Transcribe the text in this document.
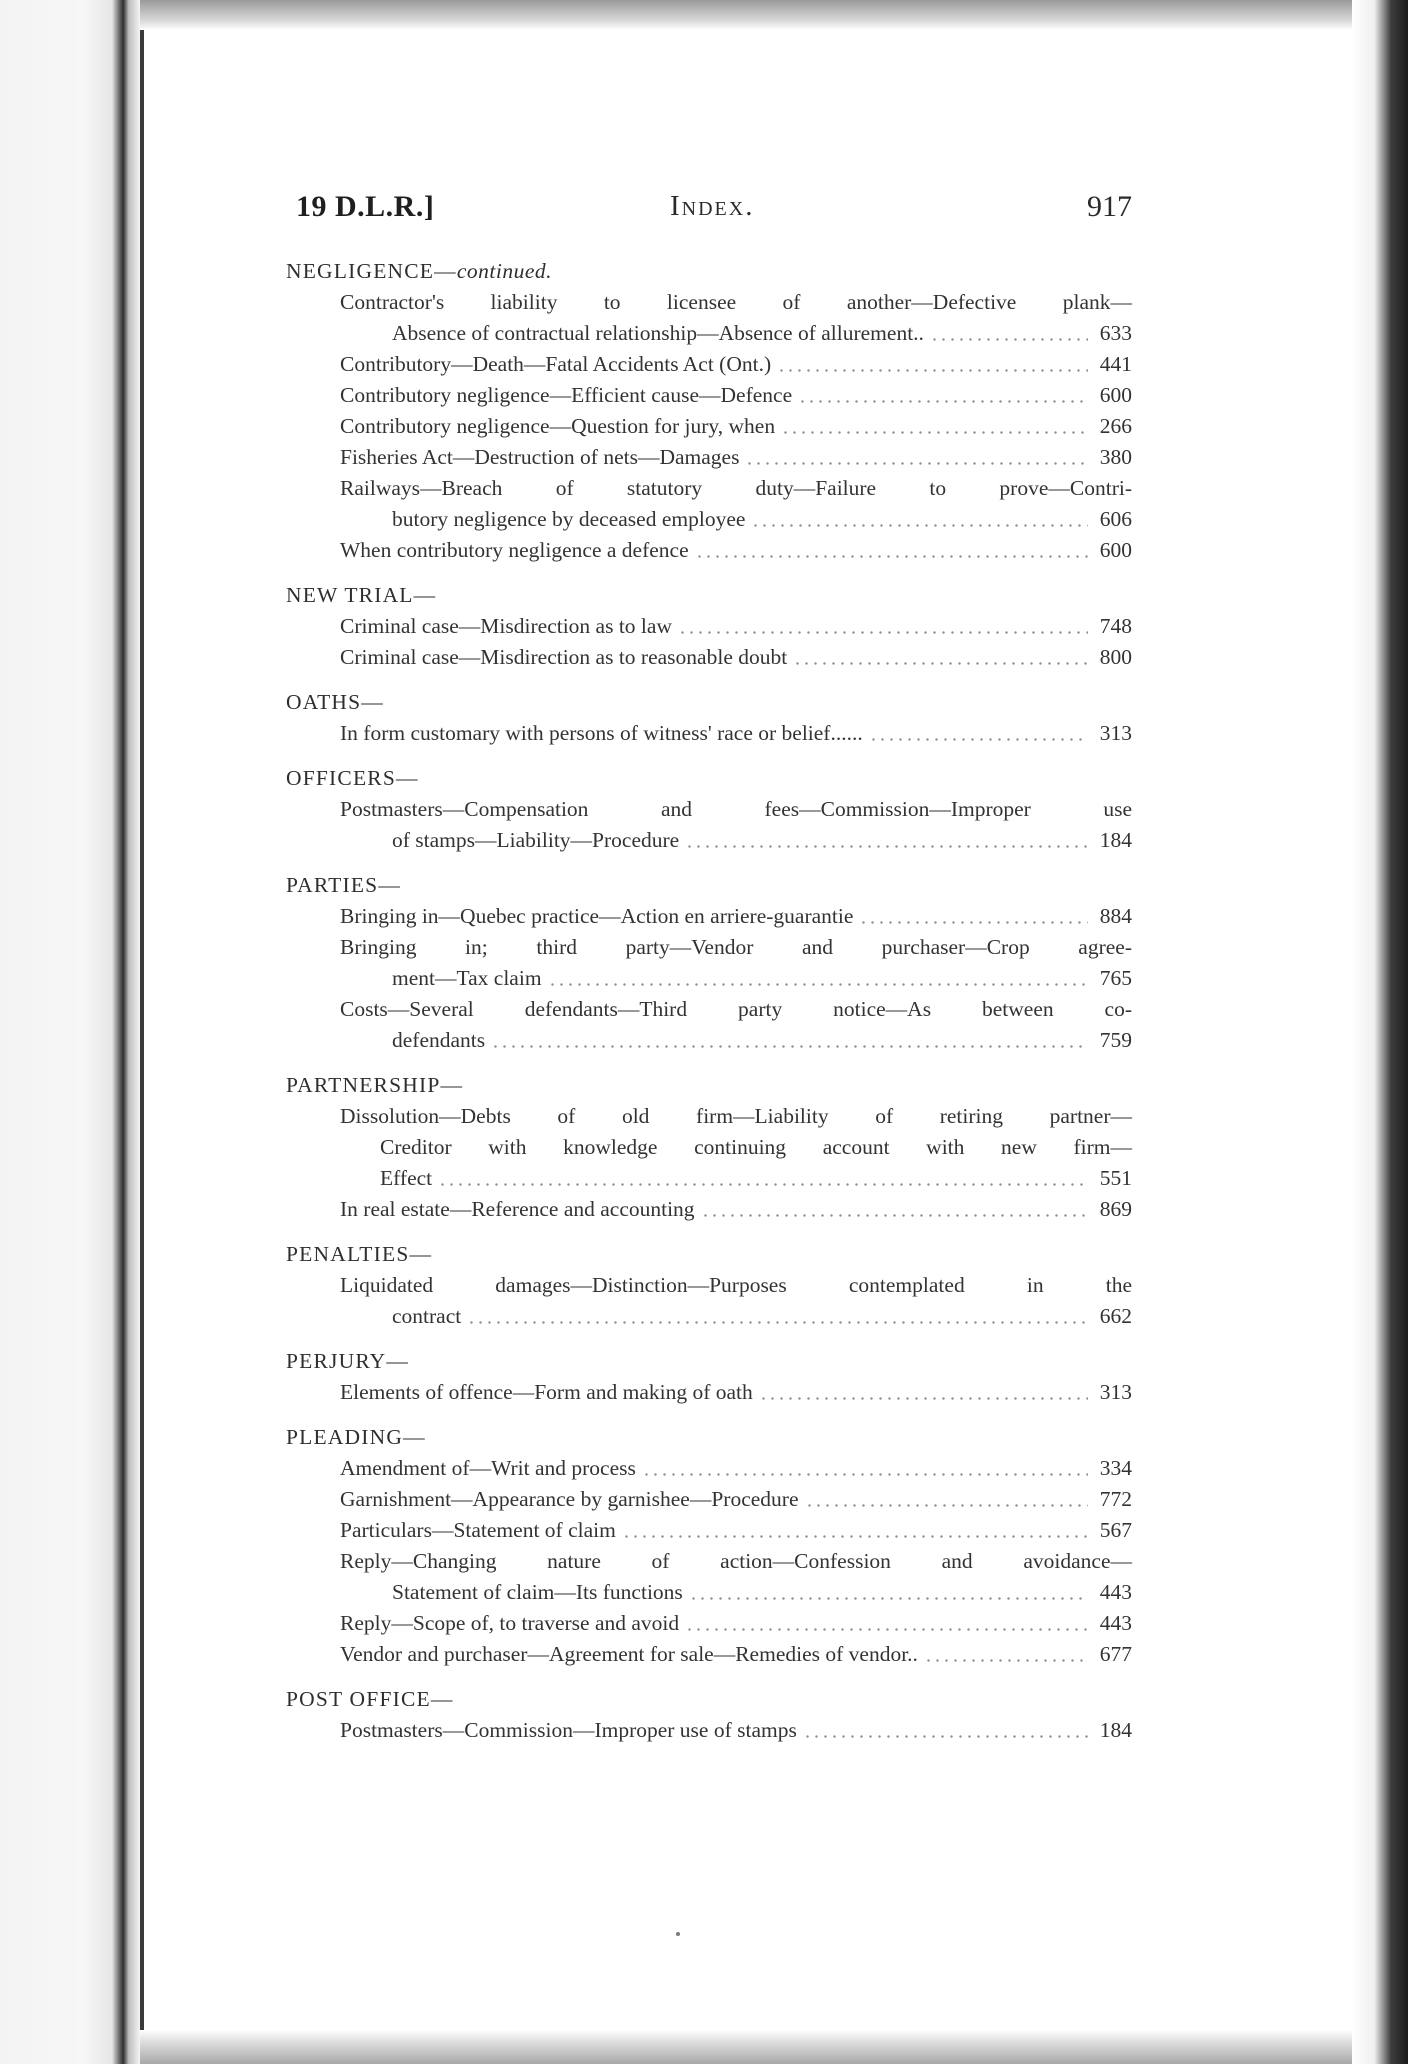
19 D.L.R.]	Index.	917
NEGLIGENCE—continued.
Contractor's liability to licensee of another—Defective plank—
Absence of contractual relationship—Absence of allurement..	633
Contributory—Death—Fatal Accidents Act (Ont.)	441
Contributory negligence—Efficient cause—Defence	600
Contributory negligence—Question for jury, when	266
Fisheries Act—Destruction of nets—Damages	380
Railways—Breach of statutory duty—Failure to prove—Contri-
butory negligence by deceased employee	606
When contributory negligence a defence	600
NEW TRIAL—
Criminal case—Misdirection as to law	748
Criminal case—Misdirection as to reasonable doubt	800
OATHS—
In form customary with persons of witness' race or belief......	313
OFFICERS—
Postmasters—Compensation and fees—Commission—Improper use
of stamps—Liability—Procedure	184
PARTIES—
Bringing in—Quebec practice—Action en arriere-guarantie	884
Bringing in; third party—Vendor and purchaser—Crop agree-
ment—Tax claim	765
Costs—Several defendants—Third party notice—As between co-
defendants	759
PARTNERSHIP—
Dissolution—Debts of old firm—Liability of retiring partner—
Creditor with knowledge continuing account with new firm—
Effect	551
In real estate—Reference and accounting	869
PENALTIES—
Liquidated damages—Distinction—Purposes contemplated in the
contract	662
PERJURY—
Elements of offence—Form and making of oath	313
PLEADING—
Amendment of—Writ and process	334
Garnishment—Appearance by garnishee—Procedure	772
Particulars—Statement of claim	567
Reply—Changing nature of action—Confession and avoidance—
Statement of claim—Its functions	443
Reply—Scope of, to traverse and avoid	443
Vendor and purchaser—Agreement for sale—Remedies of vendor..	677
POST OFFICE—
Postmasters—Commission—Improper use of stamps	184
